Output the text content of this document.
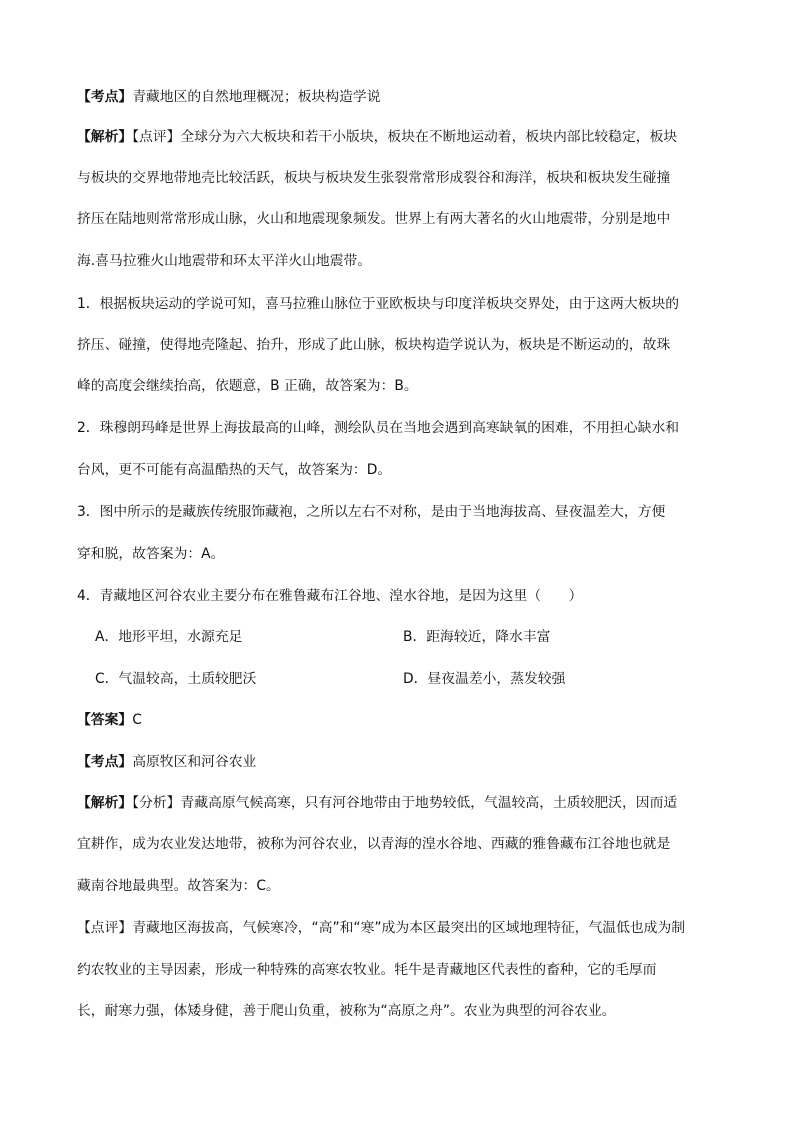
【考点】青藏地区的自然地理概况；板块构造学说
【解析】【点评】全球分为六大板块和若干小版块，板块在不断地运动着，板块内部比较稳定，板块
与板块的交界地带地壳比较活跃，板块与板块发生张裂常常形成裂谷和海洋，板块和板块发生碰撞
挤压在陆地则常常形成山脉，火山和地震现象频发。世界上有两大著名的火山地震带，分别是地中
海.喜马拉雅火山地震带和环太平洋火山地震带。
1．根据板块运动的学说可知，喜马拉雅山脉位于亚欧板块与印度洋板块交界处，由于这两大板块的
挤压、碰撞，使得地壳隆起、抬升，形成了此山脉，板块构造学说认为，板块是不断运动的，故珠
峰的高度会继续抬高，依题意，B 正确，故答案为：B。
2．珠穆朗玛峰是世界上海拔最高的山峰，测绘队员在当地会遇到高寒缺氧的困难，不用担心缺水和
台风，更不可能有高温酷热的天气，故答案为：D。
3．图中所示的是藏族传统服饰藏袍，之所以左右不对称，是由于当地海拔高、昼夜温差大，方便
穿和脱，故答案为：A。
4．青藏地区河谷农业主要分布在雅鲁藏布江谷地、湟水谷地，是因为这里（　　）
A．地形平坦，水源充足	B．距海较近，降水丰富
C．气温较高，土质较肥沃	D．昼夜温差小，蒸发较强
【答案】C
【考点】高原牧区和河谷农业
【解析】【分析】青藏高原气候高寒，只有河谷地带由于地势较低，气温较高，土质较肥沃，因而适
宜耕作，成为农业发达地带，被称为河谷农业，以青海的湟水谷地、西藏的雅鲁藏布江谷地也就是
藏南谷地最典型。故答案为：C。
【点评】青藏地区海拔高，气候寒冷，“高”和“寒”成为本区最突出的区域地理特征，气温低也成为制
约农牧业的主导因素，形成一种特殊的高寒农牧业。牦牛是青藏地区代表性的畜种，它的毛厚而
长，耐寒力强，体矮身健，善于爬山负重，被称为“高原之舟”。农业为典型的河谷农业。
